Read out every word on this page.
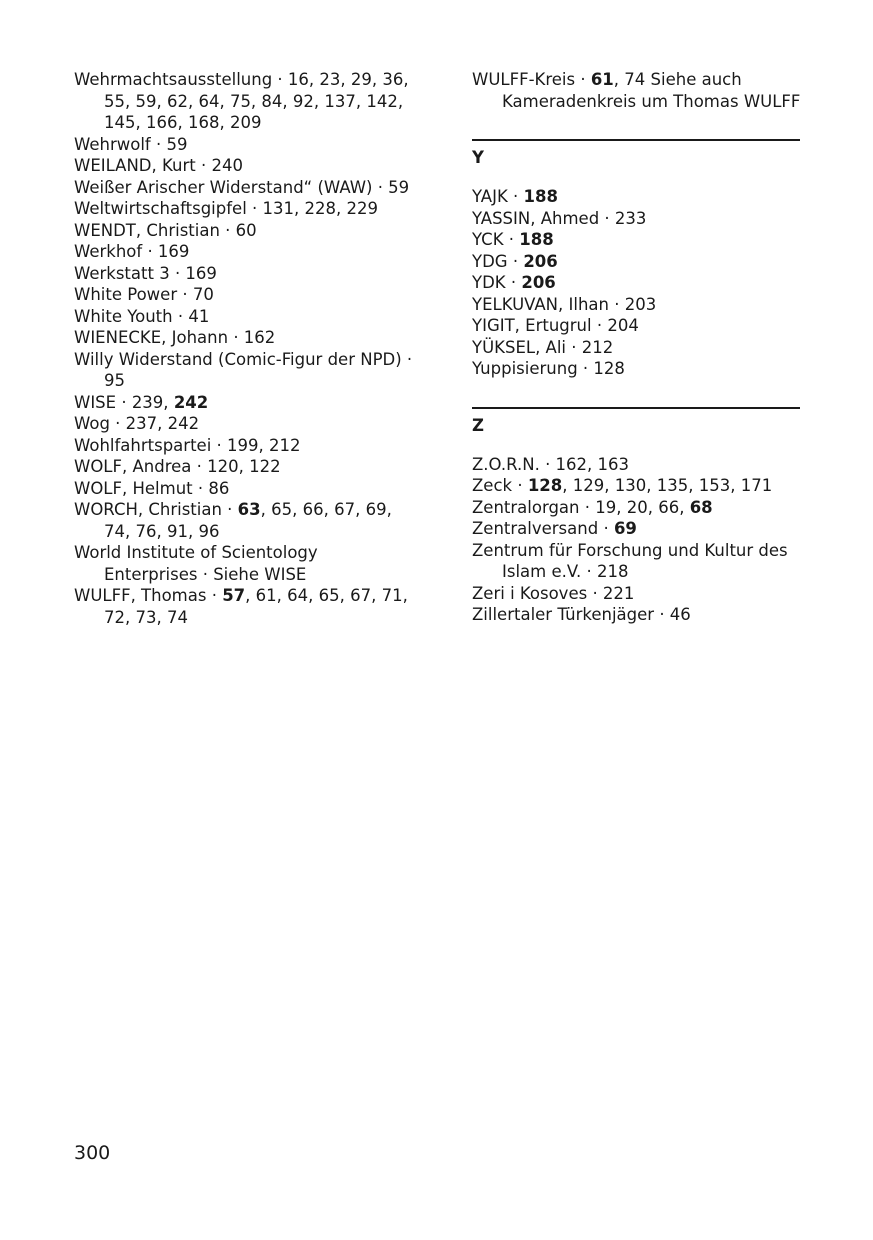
Wehrmachtsausstellung · 16, 23, 29, 36, 55, 59, 62, 64, 75, 84, 92, 137, 142, 145, 166, 168, 209

Wehrwolf · 59

WEILAND, Kurt · 240

Weißer Arischer Widerstand“ (WAW) · 59

Weltwirtschaftsgipfel · 131, 228, 229

WENDT, Christian · 60

Werkhof · 169

Werkstatt 3 · 169

White Power · 70

White Youth · 41

WIENECKE, Johann · 162

Willy Widerstand (Comic-Figur der NPD) · 95

WISE · 239, 242

Wog · 237, 242

Wohlfahrtspartei · 199, 212

WOLF, Andrea · 120, 122

WOLF, Helmut · 86

WORCH, Christian · 63, 65, 66, 67, 69, 74, 76, 91, 96

World Institute of Scientology Enterprises · Siehe WISE

WULFF, Thomas · 57, 61, 64, 65, 67, 71, 72, 73, 74

WULFF-Kreis · 61, 74 Siehe auch Kameradenkreis um Thomas WULFF

Y

YAJK · 188

YASSIN, Ahmed · 233

YCK · 188

YDG · 206

YDK · 206

YELKUVAN, Ilhan · 203

YIGIT, Ertugrul · 204

YÜKSEL, Ali · 212

Yuppisierung · 128

Z

Z.O.R.N. · 162, 163

Zeck · 128, 129, 130, 135, 153, 171

Zentralorgan · 19, 20, 66, 68

Zentralversand · 69

Zentrum für Forschung und Kultur des Islam e.V. · 218

Zeri i Kosoves · 221

Zillertaler Türkenjäger · 46

300
